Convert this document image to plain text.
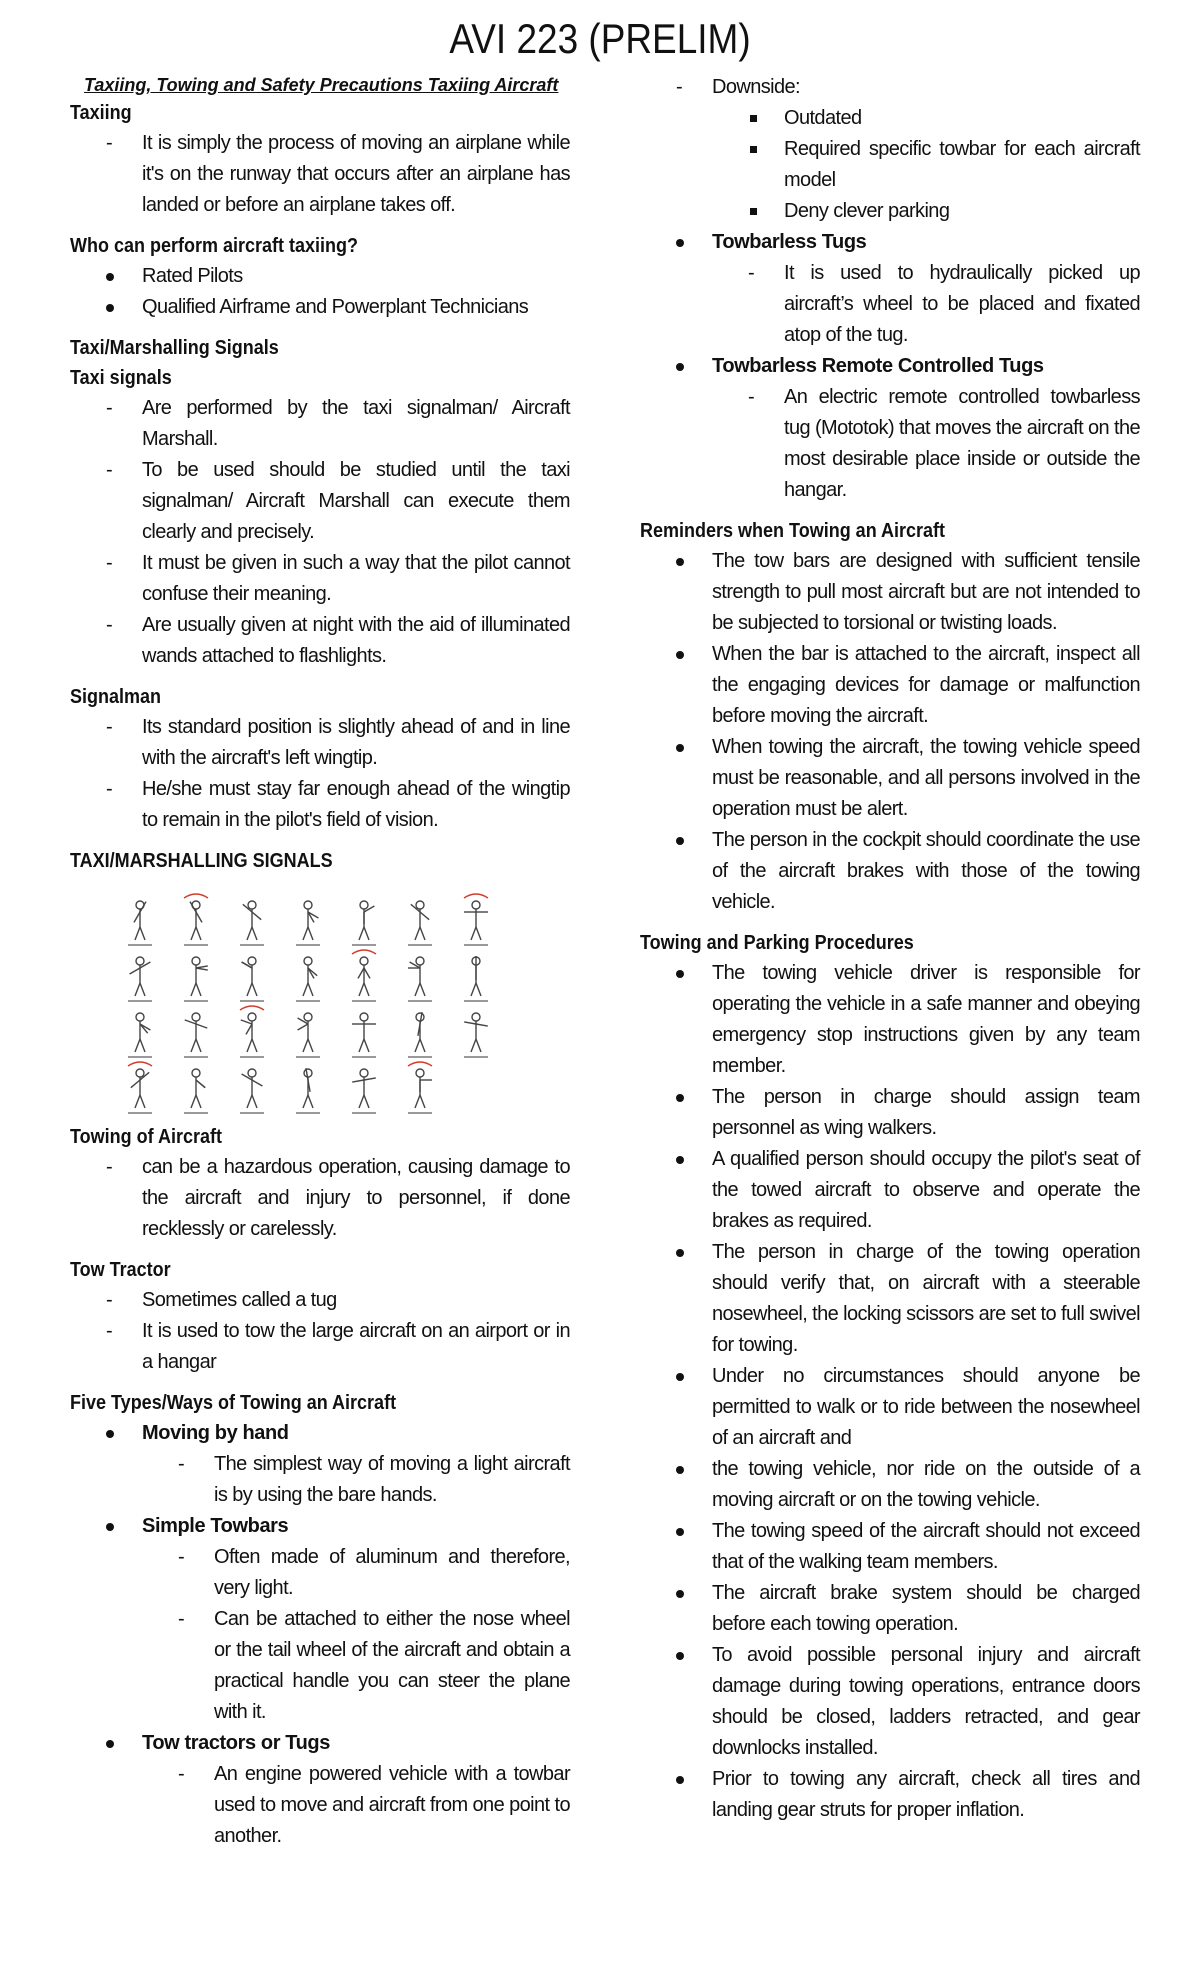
AVI 223 (PRELIM)
Taxiing, Towing and Safety Precautions Taxiing Aircraft
Taxiing
- It is simply the process of moving an airplane while it's on the runway that occurs after an airplane has landed or before an airplane takes off.
Who can perform aircraft taxiing?
Rated Pilots
Qualified Airframe and Powerplant Technicians
Taxi/Marshalling Signals
Taxi signals
- Are performed by the taxi signalman/ Aircraft Marshall.
- To be used should be studied until the taxi signalman/ Aircraft Marshall can execute them clearly and precisely.
- It must be given in such a way that the pilot cannot confuse their meaning.
- Are usually given at night with the aid of illuminated wands attached to flashlights.
Signalman
- Its standard position is slightly ahead of and in line with the aircraft's left wingtip.
- He/she must stay far enough ahead of the wingtip to remain in the pilot's field of vision.
TAXI/MARSHALLING SIGNALS
Towing of Aircraft
- can be a hazardous operation, causing damage to the aircraft and injury to personnel, if done recklessly or carelessly.
Tow Tractor
- Sometimes called a tug
- It is used to tow the large aircraft on an airport or in a hangar
Five Types/Ways of Towing an Aircraft
Moving by hand
- The simplest way of moving a light aircraft is by using the bare hands.
Simple Towbars
- Often made of aluminum and therefore, very light.
- Can be attached to either the nose wheel or the tail wheel of the aircraft and obtain a practical handle you can steer the plane with it.
Tow tractors or Tugs
- An engine powered vehicle with a towbar used to move and aircraft from one point to another.
- Downside:
Outdated
Required specific towbar for each aircraft model
Deny clever parking
Towbarless Tugs
- It is used to hydraulically picked up aircraft’s wheel to be placed and fixated atop of the tug.
Towbarless Remote Controlled Tugs
- An electric remote controlled towbarless tug (Mototok) that moves the aircraft on the most desirable place inside or outside the hangar.
Reminders when Towing an Aircraft
The tow bars are designed with sufficient tensile strength to pull most aircraft but are not intended to be subjected to torsional or twisting loads.
When the bar is attached to the aircraft, inspect all the engaging devices for damage or malfunction before moving the aircraft.
When towing the aircraft, the towing vehicle speed must be reasonable, and all persons involved in the operation must be alert.
The person in the cockpit should coordinate the use of the aircraft brakes with those of the towing vehicle.
Towing and Parking Procedures
The towing vehicle driver is responsible for operating the vehicle in a safe manner and obeying emergency stop instructions given by any team member.
The person in charge should assign team personnel as wing walkers.
A qualified person should occupy the pilot's seat of the towed aircraft to observe and operate the brakes as required.
The person in charge of the towing operation should verify that, on aircraft with a steerable nosewheel, the locking scissors are set to full swivel for towing.
Under no circumstances should anyone be permitted to walk or to ride between the nosewheel of an aircraft and
the towing vehicle, nor ride on the outside of a moving aircraft or on the towing vehicle.
The towing speed of the aircraft should not exceed that of the walking team members.
The aircraft brake system should be charged before each towing operation.
To avoid possible personal injury and aircraft damage during towing operations, entrance doors should be closed, ladders retracted, and gear downlocks installed.
Prior to towing any aircraft, check all tires and landing gear struts for proper inflation.
